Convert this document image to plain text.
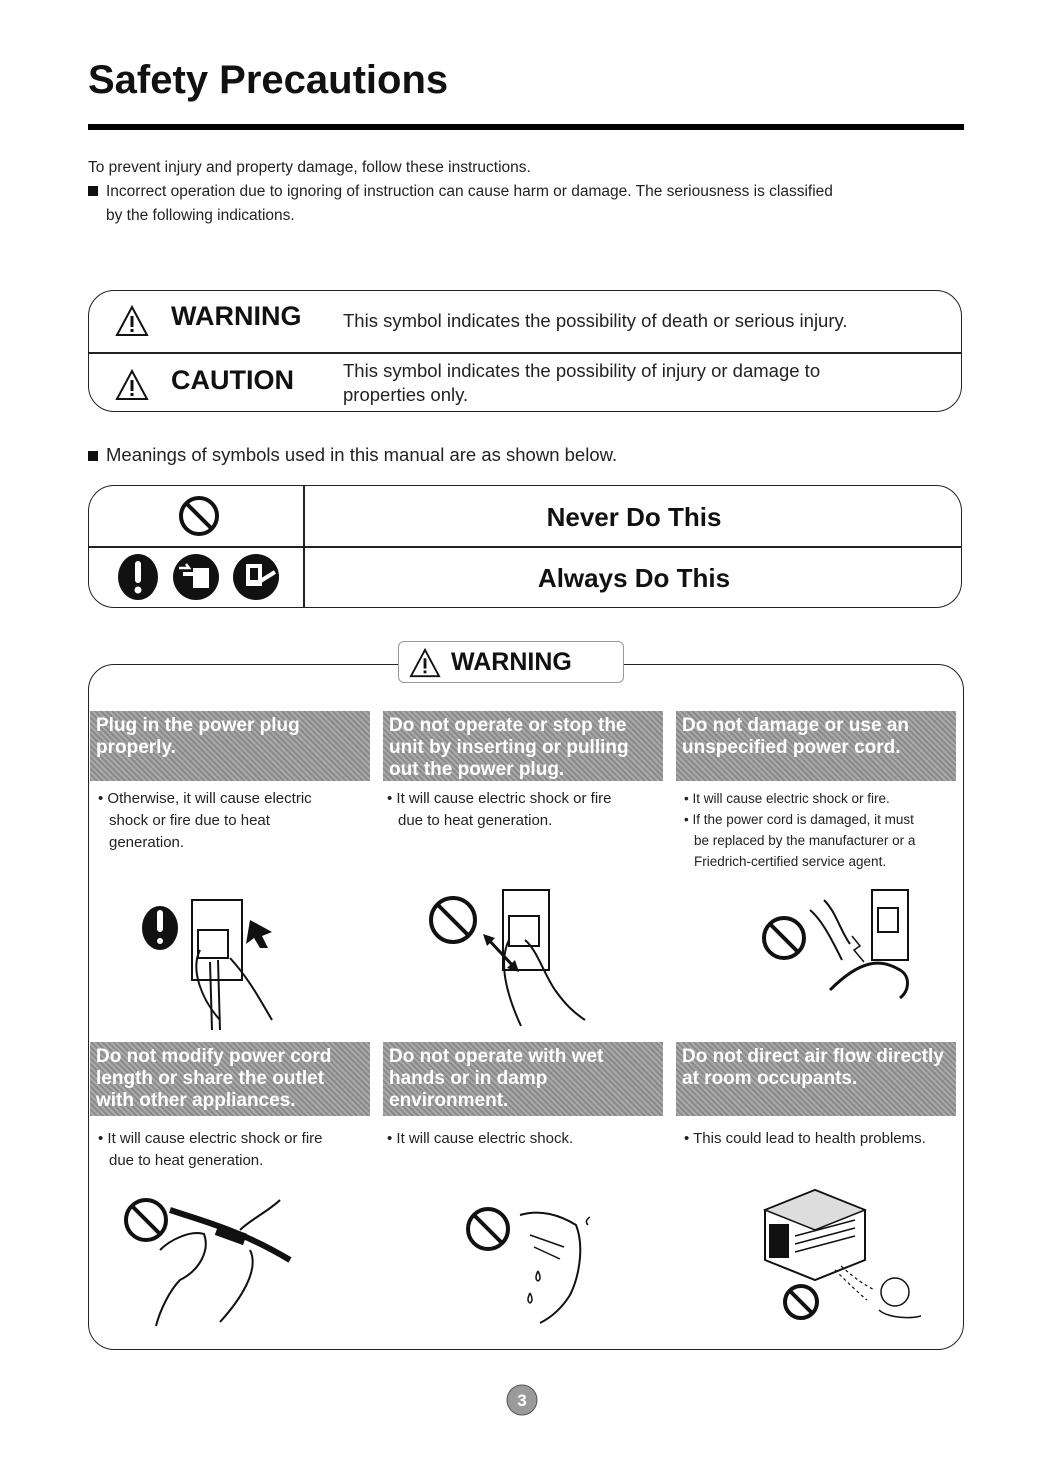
Safety Precautions
To prevent injury and property damage, follow these instructions.
Incorrect operation due to ignoring of instruction can cause harm or damage. The seriousness is classified
by the following indications.
WARNING This symbol indicates the possibility of death or serious injury.
CAUTION	This symbol indicates the possibility of injury or damage to
properties only.
Meanings of symbols used in this manual are as shown below.
Never Do This
Always Do This
WARNING
Plug in the power plug
properly.
• Otherwise, it will cause electric
shock or fire due to heat
generation.
Do not operate or stop the
unit by inserting or pulling
out the power plug.
• It will cause electric shock or fire
due to heat generation.
Do not damage or use an
unspecified power cord.
• It will cause electric shock or fire.
• If the power cord is damaged, it must
be replaced by the manufacturer or a
Friedrich-certified service agent.
Do not modify power cord
length or share the outlet
with other appliances.
• It will cause electric shock or fire
due to heat generation.
Do not operate with wet
hands or in damp
environment.
• It will cause electric shock.
Do not direct air flow directly
at room occupants.
• This could lead to health problems.
3
